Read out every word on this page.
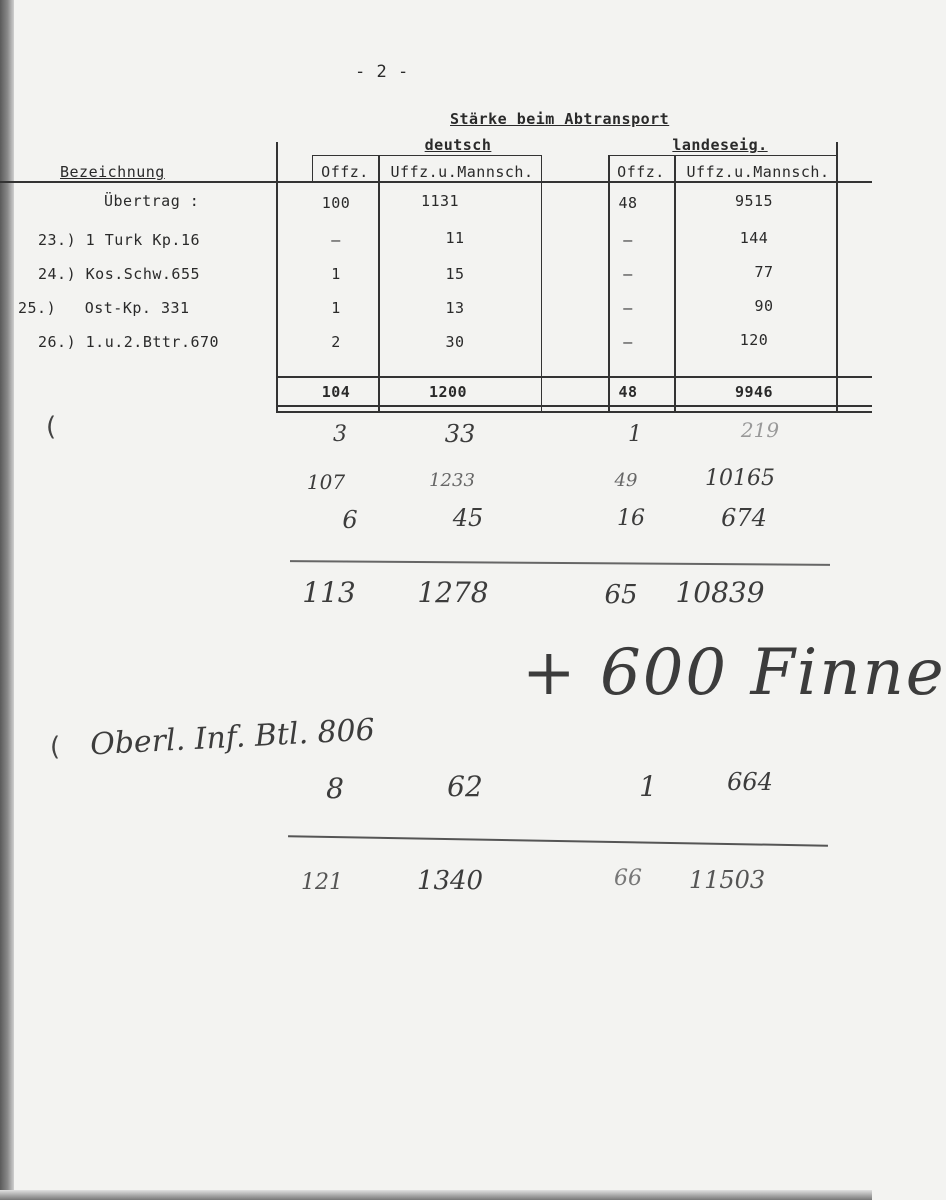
- 2 -
Stärke beim Abtransport
deutsch	landeseig.
Bezeichnung	Offz.	Uffz.u.Mannsch.	Offz.	Uffz.u.Mannsch.
Übertrag :	100	1131	48	9515
23.) 1 Turk Kp.16	–	11	–	144
24.) Kos.Schw.655	1	15	–	77
25.)   Ost-Kp. 331	1	13	–	90
26.) 1.u.2.Bttr.670	2	30	–	120
104	1200	48	9946
(
(
3	33	1	219
107	1233	49	10165
6	45	16	674
113	1278	65	10839
+ 600 Finne
Oberl. Inf. Btl. 806
8	62	1	664
121	1340	66	11503
